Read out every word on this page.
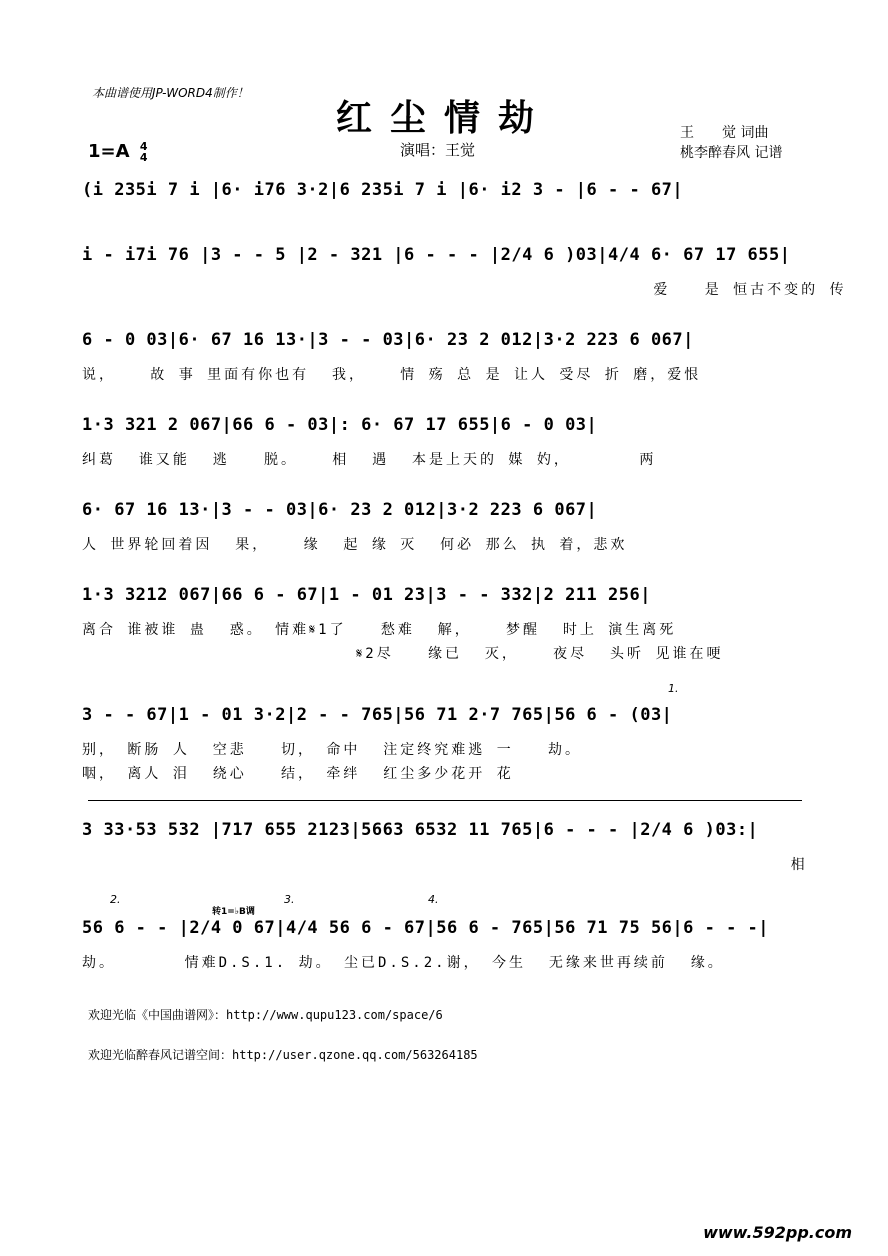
本曲谱使用JP-WORD4制作！
红尘情劫
1=A 4
4	演唱：王觉
王　　觉 词曲
桃李醉春风 记谱
(i 235i 7 i |6· i76 3·2|6 235i 7 i |6· i2 3 - |6 - - 67|
i - i7i 76 |3 - - 5 |2 - 321 |6 - - - |2/4 6 )03|4/4 6· 67 17 655|
爱   是 恒古不变的 传
6 - 0 03|6· 67 16 13·|3 - - 03|6· 23 2 012|3·2 223 6 067|
说，   故 事 里面有你也有  我，   情 殇 总 是 让人 受尽 折 磨，爱恨
1·3 321 2 067|66 6 - 03|: 6· 67 17 655|6 - 0 03|
纠葛  谁又能  逃   脱。   相  遇  本是上天的 媒 妁，      两
6· 67 16 13·|3 - - 03|6· 23 2 012|3·2 223 6 067|
人 世界轮回着因  果，   缘  起 缘 灭  何必 那么 执 着，悲欢
1·3 3212 067|66 6 - 67|1 - 01 23|3 - - 332|2 211 256|
离合 谁被谁 蛊  惑。 情难𝄋1了   愁难  解，   梦醒  时上 演生离死
𝄋2尽   缘已  灭，   夜尽  头听 见谁在哽
3 - - 67|1 - 01 3·2|2 - - 765|56 71 2·7 765|56 6 - (03|
别， 断肠 人  空悲   切， 命中  注定终究难逃 一   劫。
咽， 离人 泪  绕心   结， 牵绊  红尘多少花开 花
3 33·53 532 |717 655 2123|5663 6532 11 765|6 - - - |2/4 6 )03:|
相
56 6 - - |2/4 0 67|4/4 56 6 - 67|56 6 - 765|56 71 75 56|6 - - -|
劫。      情难D.S.1. 劫。 尘已D.S.2.谢， 今生  无缘来世再续前  缘。
2.	3.	4.
1.
转1=♭B调
欢迎光临《中国曲谱网》：http://www.qupu123.com/space/6
欢迎光临醉春风记谱空间：http://user.qzone.qq.com/563264185
www.592pp.com
